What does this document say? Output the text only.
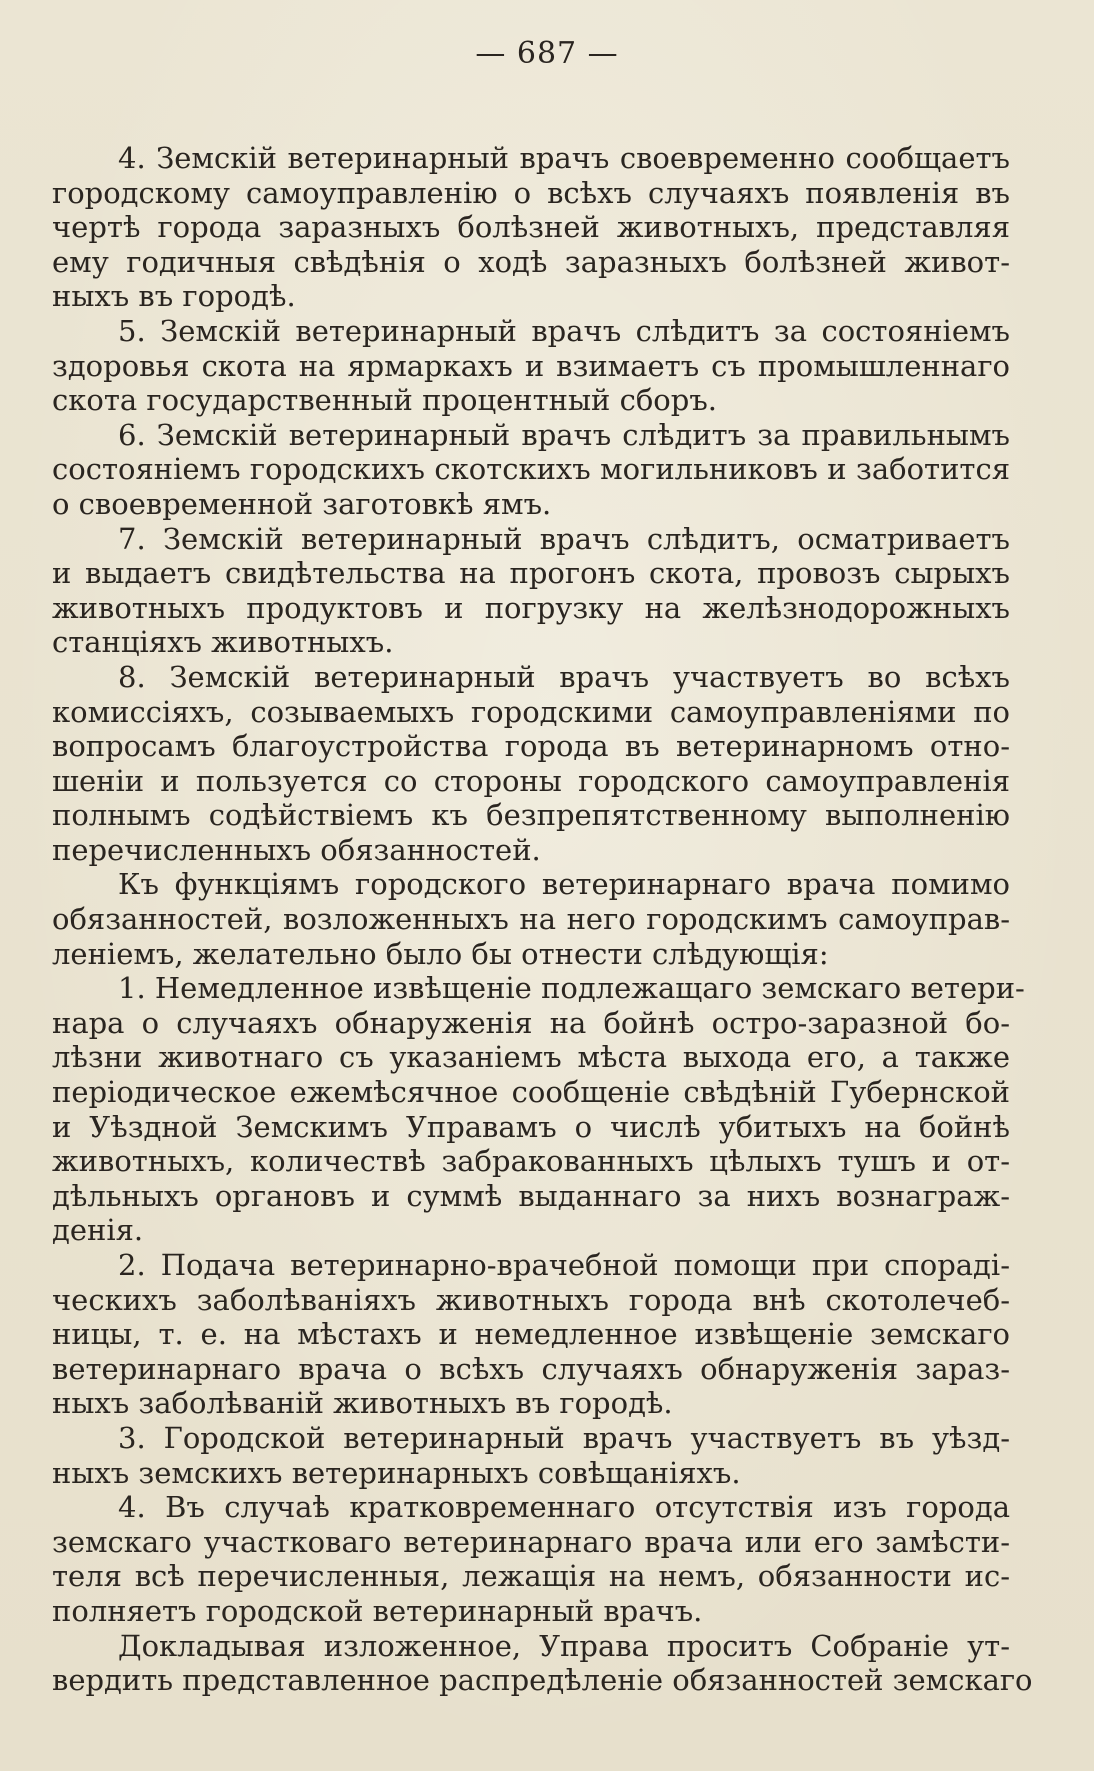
— 687 —
4. Земскій ветеринарный врачъ своевременно сообщаетъ
городскому самоуправленію о всѣхъ случаяхъ появленія въ
чертѣ города заразныхъ болѣзней животныхъ, представляя
ему годичныя свѣдѣнія о ходѣ заразныхъ болѣзней живот-
ныхъ въ городѣ.
5. Земскій ветеринарный врачъ слѣдитъ за состояніемъ
здоровья скота на ярмаркахъ и взимаетъ съ промышленнаго
скота государственный процентный сборъ.
6. Земскій ветеринарный врачъ слѣдитъ за правильнымъ
состояніемъ городскихъ скотскихъ могильниковъ и заботится
о своевременной заготовкѣ ямъ.
7. Земскій ветеринарный врачъ слѣдитъ, осматриваетъ
и выдаетъ свидѣтельства на прогонъ скота, провозъ сырыхъ
животныхъ продуктовъ и погрузку на желѣзнодорожныхъ
станціяхъ животныхъ.
8. Земскій ветеринарный врачъ участвуетъ во всѣхъ
комиссіяхъ, созываемыхъ городскими самоуправленіями по
вопросамъ благоустройства города въ ветеринарномъ отно-
шеніи и пользуется со стороны городского самоуправленія
полнымъ содѣйствіемъ къ безпрепятственному выполненію
перечисленныхъ обязанностей.
Къ функціямъ городского ветеринарнаго врача помимо
обязанностей, возложенныхъ на него городскимъ самоуправ-
леніемъ, желательно было бы отнести слѣдующія:
1. Немедленное извѣщеніе подлежащаго земскаго ветери-
нара о случаяхъ обнаруженія на бойнѣ остро-заразной бо-
лѣзни животнаго съ указаніемъ мѣста выхода его, а также
періодическое ежемѣсячное сообщеніе свѣдѣній Губернской
и Уѣздной Земскимъ Управамъ о числѣ убитыхъ на бойнѣ
животныхъ, количествѣ забракованныхъ цѣлыхъ тушъ и от-
дѣльныхъ органовъ и суммѣ выданнаго за нихъ вознаграж-
денія.
2. Подача ветеринарно-врачебной помощи при спораді-
ческихъ заболѣваніяхъ животныхъ города внѣ скотолечеб-
ницы, т. е. на мѣстахъ и немедленное извѣщеніе земскаго
ветеринарнаго врача о всѣхъ случаяхъ обнаруженія зараз-
ныхъ заболѣваній животныхъ въ городѣ.
3. Городской ветеринарный врачъ участвуетъ въ уѣзд-
ныхъ земскихъ ветеринарныхъ совѣщаніяхъ.
4. Въ случаѣ кратковременнаго отсутствія изъ города
земскаго участковаго ветеринарнаго врача или его замѣсти-
теля всѣ перечисленныя, лежащія на немъ, обязанности ис-
полняетъ городской ветеринарный врачъ.
Докладывая изложенное, Управа проситъ Собраніе ут-
вердить представленное распредѣленіе обязанностей земскаго
